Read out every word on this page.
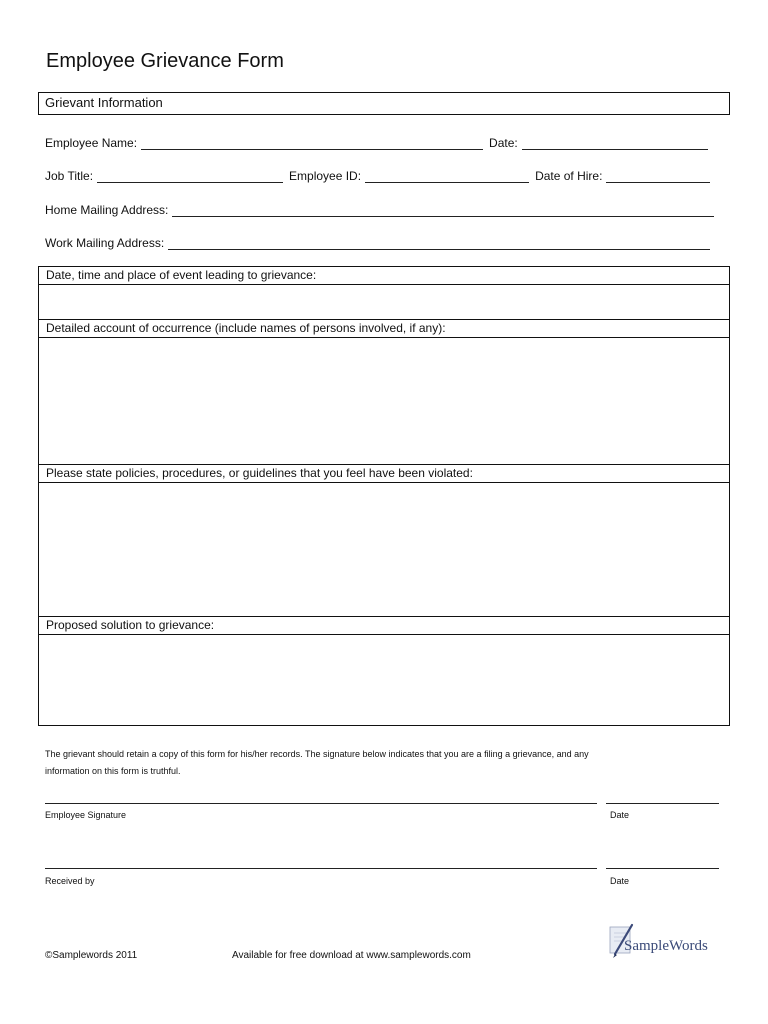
Employee Grievance Form
Grievant Information
Employee Name:	Date:
Job Title:	Employee ID:	Date of Hire:
Home Mailing Address:
Work Mailing Address:
Date, time and place of event leading to grievance:
Detailed account of occurrence (include names of persons involved, if any):
Please state policies, procedures, or guidelines that you feel have been violated:
Proposed solution to grievance:
The grievant should retain a copy of this form for his/her records. The signature below indicates that you are a filing a grievance, and any
information on this form is truthful.
Employee Signature	Date
Received by	Date
©Samplewords 2011	Available for free download at www.samplewords.com
SampleWords
